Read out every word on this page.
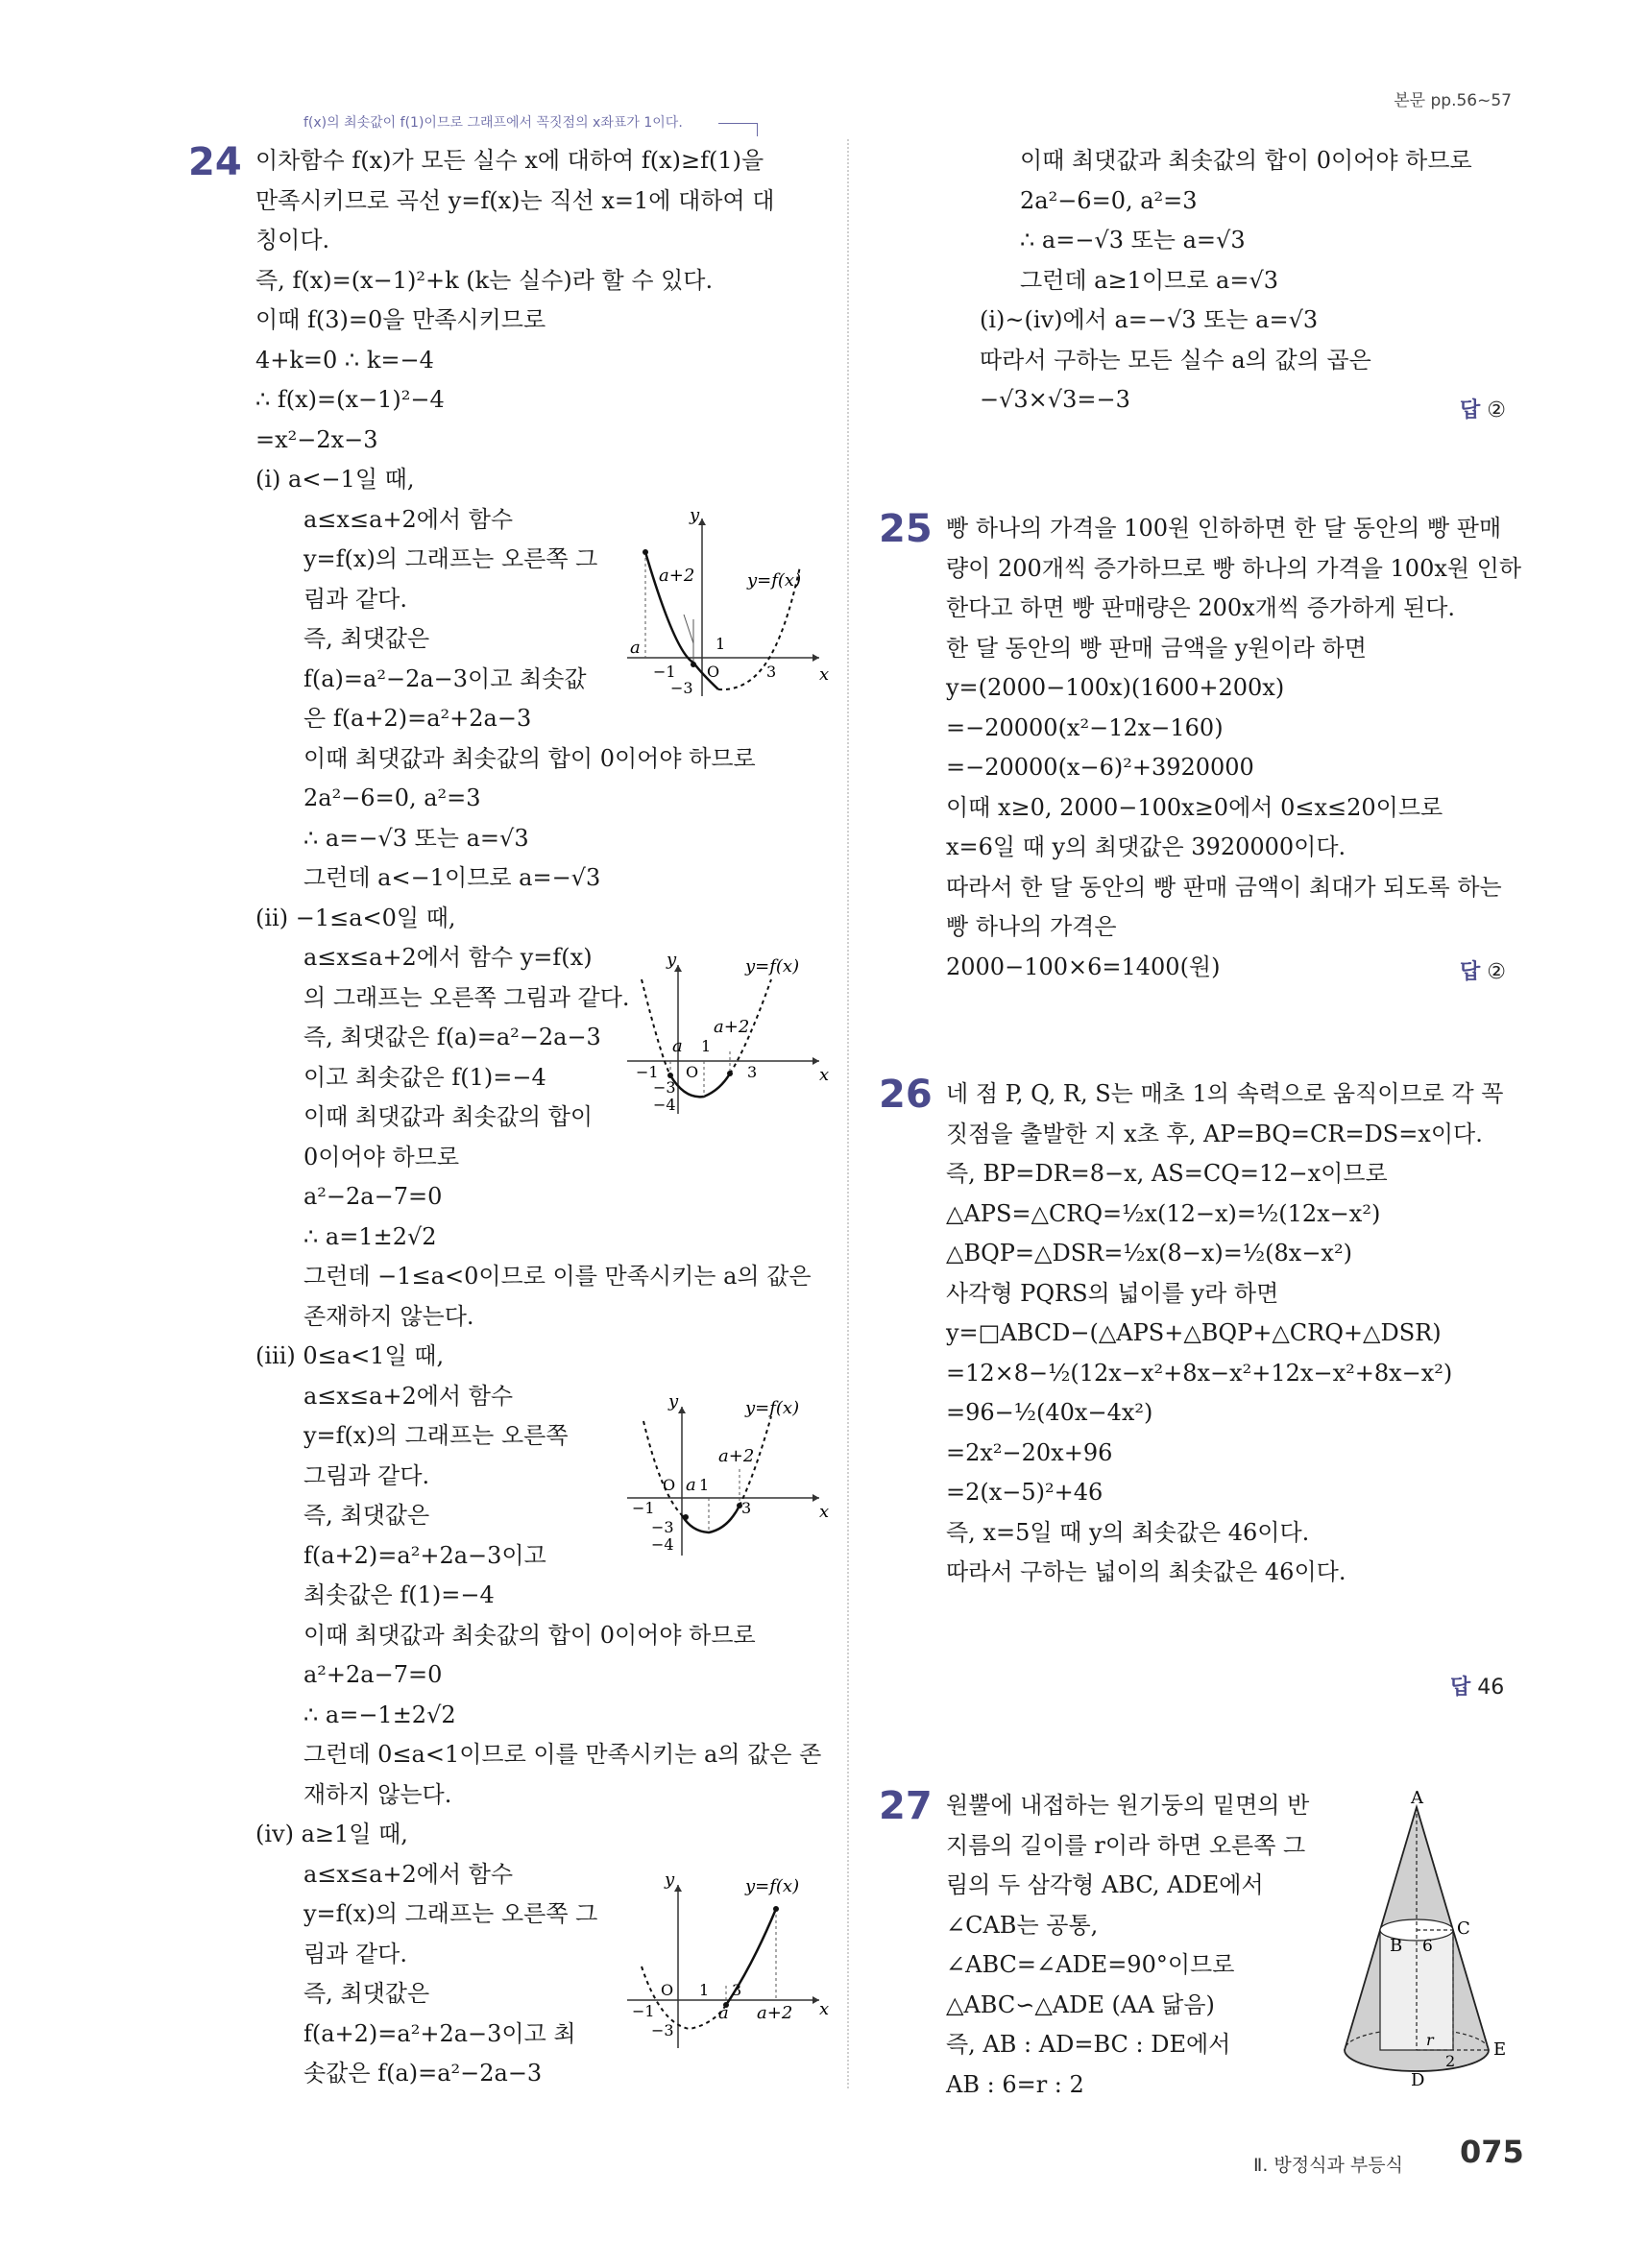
본문 pp.56~57
f(x)의 최솟값이 f(1)이므로 그래프에서 꼭짓점의 x좌표가 1이다.
24 이차함수 f(x)가 모든 실수 x에 대하여 f(x)≥f(1)을
만족시키므로 곡선 y=f(x)는 직선 x=1에 대하여 대
칭이다.
즉, f(x)=(x−1)²+k (k는 실수)라 할 수 있다.
이때 f(3)=0을 만족시키므로
4+k=0 ∴ k=−4
∴ f(x)=(x−1)²−4
=x²−2x−3
(ⅰ) a<−1일 때,
a≤x≤a+2에서 함수
y=f(x)의 그래프는 오른쪽 그
림과 같다.
즉, 최댓값은
f(a)=a²−2a−3이고 최솟값
은 f(a+2)=a²+2a−3
이때 최댓값과 최솟값의 합이 0이어야 하므로
2a²−6=0, a²=3
∴ a=−√3 또는 a=√3
그런데 a<−1이므로 a=−√3
(ⅱ) −1≤a<0일 때,
a≤x≤a+2에서 함수 y=f(x)
의 그래프는 오른쪽 그림과 같다.
즉, 최댓값은 f(a)=a²−2a−3
이고 최솟값은 f(1)=−4
이때 최댓값과 최솟값의 합이
0이어야 하므로
a²−2a−7=0
∴ a=1±2√2
그런데 −1≤a<0이므로 이를 만족시키는 a의 값은
존재하지 않는다.
(ⅲ) 0≤a<1일 때,
a≤x≤a+2에서 함수
y=f(x)의 그래프는 오른쪽
그림과 같다.
즉, 최댓값은
f(a+2)=a²+2a−3이고
최솟값은 f(1)=−4
이때 최댓값과 최솟값의 합이 0이어야 하므로
a²+2a−7=0
∴ a=−1±2√2
그런데 0≤a<1이므로 이를 만족시키는 a의 값은 존
재하지 않는다.
(ⅳ) a≥1일 때,
a≤x≤a+2에서 함수
y=f(x)의 그래프는 오른쪽 그
림과 같다.
즉, 최댓값은
f(a+2)=a²+2a−3이고 최
솟값은 f(a)=a²−2a−3
이때 최댓값과 최솟값의 합이 0이어야 하므로
2a²−6=0, a²=3
∴ a=−√3 또는 a=√3
그런데 a≥1이므로 a=√3
(ⅰ)~(ⅳ)에서 a=−√3 또는 a=√3
따라서 구하는 모든 실수 a의 값의 곱은
−√3×√3=−3	답 ②
25 빵 하나의 가격을 100원 인하하면 한 달 동안의 빵 판매
량이 200개씩 증가하므로 빵 하나의 가격을 100x원 인하
한다고 하면 빵 판매량은 200x개씩 증가하게 된다.
한 달 동안의 빵 판매 금액을 y원이라 하면
y=(2000−100x)(1600+200x)
=−20000(x²−12x−160)
=−20000(x−6)²+3920000
이때 x≥0, 2000−100x≥0에서 0≤x≤20이므로
x=6일 때 y의 최댓값은 3920000이다.
따라서 한 달 동안의 빵 판매 금액이 최대가 되도록 하는
빵 하나의 가격은
2000−100×6=1400(원)	답 ②
26 네 점 P, Q, R, S는 매초 1의 속력으로 움직이므로 각 꼭
짓점을 출발한 지 x초 후, AP=BQ=CR=DS=x이다.
즉, BP=DR=8−x, AS=CQ=12−x이므로
△APS=△CRQ=½x(12−x)=½(12x−x²)
△BQP=△DSR=½x(8−x)=½(8x−x²)
사각형 PQRS의 넓이를 y라 하면
y=□ABCD−(△APS+△BQP+△CRQ+△DSR)
=12×8−½(12x−x²+8x−x²+12x−x²+8x−x²)
=96−½(40x−4x²)
=2x²−20x+96
=2(x−5)²+46
즉, x=5일 때 y의 최솟값은 46이다.
따라서 구하는 넓이의 최솟값은 46이다.
답 46
27 원뿔에 내접하는 원기둥의 밑면의 반
지름의 길이를 r이라 하면 오른쪽 그
림의 두 삼각형 ABC, ADE에서
∠CAB는 공통,
∠ABC=∠ADE=90°이므로
△ABC∽△ADE (AA 닮음)
즉, AB : AD=BC : DE에서
AB : 6=r : 2
y
x
y=f(x)
a+2
a	1
−1 O	3
−3
y
x
y=f(x)
a+2
a 1
−1 O	3
−3
−4
y
x
y=f(x)
a+2
a 1
−1
O
3
−3
−4
y
x
y=f(x)
a+2
a
1
−1
O	3
−3
A
B
C
D
E
6
r
2
Ⅱ. 방정식과 부등식 075
